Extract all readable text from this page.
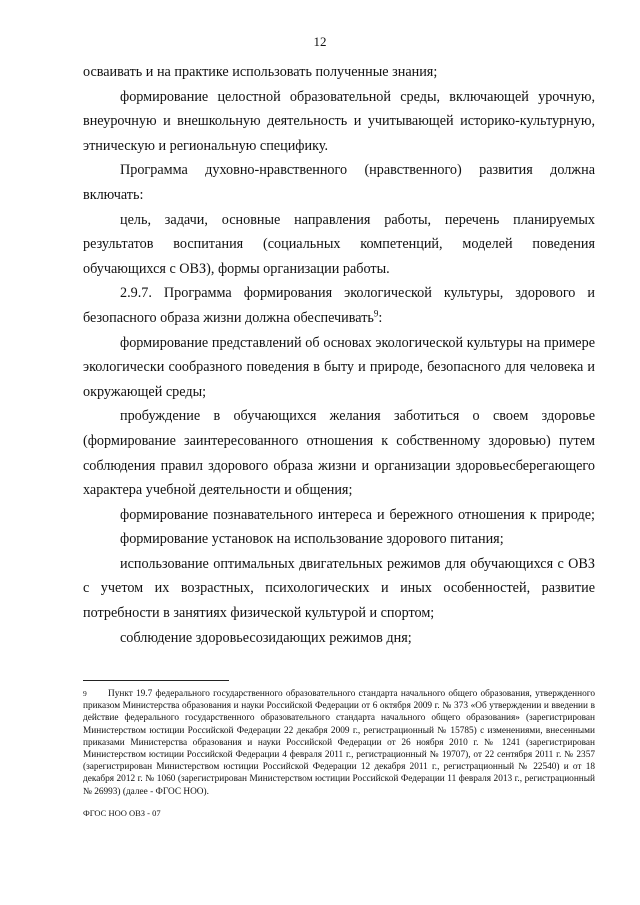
12

осваивать и на практике использовать полученные знания;

формирование целостной образовательной среды, включающей урочную, внеурочную и внешкольную деятельность и учитывающей историко-культурную, этническую и региональную специфику.

Программа духовно-нравственного (нравственного) развития должна включать:

цель, задачи, основные направления работы, перечень планируемых результатов воспитания (социальных компетенций, моделей поведения обучающихся с ОВЗ), формы организации работы.

2.9.7. Программа формирования экологической культуры, здорового и безопасного образа жизни должна обеспечивать$^9$:

формирование представлений об основах экологической культуры на примере экологически сообразного поведения в быту и природе, безопасного для человека и окружающей среды;

пробуждение в обучающихся желания заботиться о своем здоровье (формирование заинтересованного отношения к собственному здоровью) путем соблюдения правил здорового образа жизни и организации здоровьесберегающего характера учебной деятельности и общения;

формирование познавательного интереса и бережного отношения к природе;

формирование установок на использование здорового питания;

использование оптимальных двигательных режимов для обучающихся с ОВЗ с учетом их возрастных, психологических и иных особенностей, развитие потребности в занятиях физической культурой и спортом;

соблюдение здоровьесозидающих режимов дня;

9 Пункт 19.7 федерального государственного образовательного стандарта начального общего образования, утвержденного приказом Министерства образования и науки Российской Федерации от 6 октября 2009 г. № 373 «Об утверждении и введении в действие федерального государственного образовательного стандарта начального общего образования» (зарегистрирован Министерством юстиции Российской Федерации 22 декабря 2009 г., регистрационный № 15785) с изменениями, внесенными приказами Министерства образования и науки Российской Федерации от 26 ноября 2010 г. № 1241 (зарегистрирован Министерством юстиции Российской Федерации 4 февраля 2011 г., регистрационный № 19707), от 22 сентября 2011 г. № 2357 (зарегистрирован Министерством юстиции Российской Федерации 12 декабря 2011 г., регистрационный № 22540) и от 18 декабря 2012 г. № 1060 (зарегистрирован Министерством юстиции Российской Федерации 11 февраля 2013 г., регистрационный № 26993) (далее - ФГОС НОО).
ФГОС НОО ОВЗ - 07
